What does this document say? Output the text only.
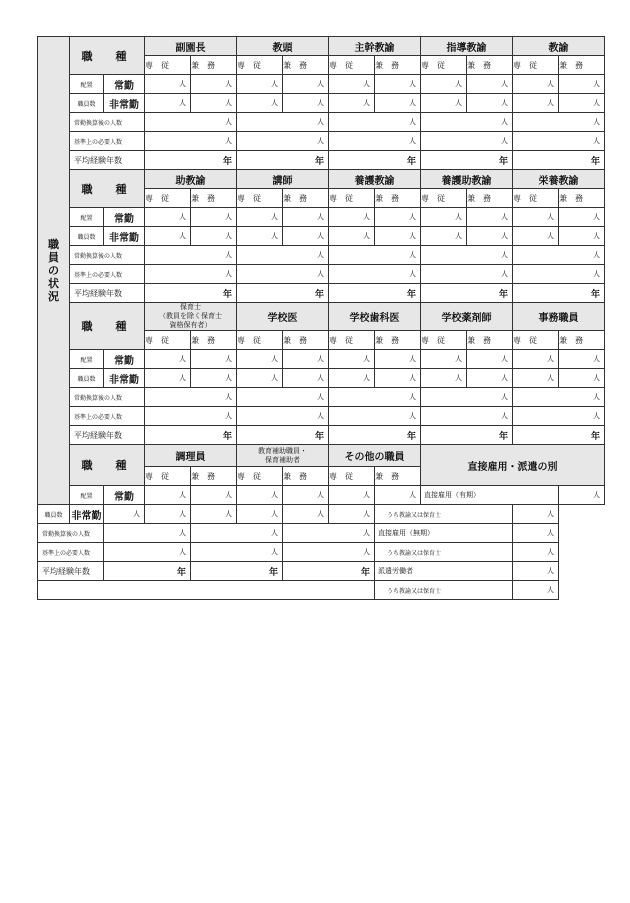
職
員
の
状
況	職　種		副園長		教頭		主幹教諭		指導教諭		教諭	
			専　従	兼　務	専　従	兼　務	専　従	兼　務	専　従	兼　務	専　従	兼　務
	配置	常勤	人	人	人	人	人	人	人	人	人	人
	職員数	非常勤	人	人	人	人	人	人	人	人	人	人
	常勤換算後の人数		人		人		人		人		人	
	基準上の必要人数		人		人		人		人		人	
	平均経験年数		年		年		年		年		年	
	職　種		助教諭		講師		養護教諭		養護助教諭		栄養教諭	
			専　従	兼　務	専　従	兼　務	専　従	兼　務	専　従	兼　務	専　従	兼　務
	配置	常勤	人	人	人	人	人	人	人	人	人	人
	職員数	非常勤	人	人	人	人	人	人	人	人	人	人
	常勤換算後の人数		人		人		人		人		人	
	基準上の必要人数		人		人		人		人		人	
	平均経験年数		年		年		年		年		年	
	職　種		保育士
（教員を除く保育士
資格保有者）		学校医		学校歯科医		学校薬剤師		事務職員	
			専　従	兼　務	専　従	兼　務	専　従	兼　務	専　従	兼　務	専　従	兼　務
	配置	常勤	人	人	人	人	人	人	人	人	人	人
	職員数	非常勤	人	人	人	人	人	人	人	人	人	人
	常勤換算後の人数		人		人		人		人		人	
	基準上の必要人数		人		人		人		人		人	
	平均経験年数		年		年		年		年		年	
	職　種		調理員		教育補助職員・
保育補助者		その他の職員		直接雇用・派遣の別			
			専　従	兼　務	専　従	兼　務	専　従	兼　務				
	配置	常勤	人	人	人	人	人	人	直接雇用（有期）			人
職員数	非常勤	人	人	人	人	人	人	うち教諭又は保育士			人	
常勤換算後の人数		人		人		人		直接雇用（無期）			人	
基準上の必要人数		人		人		人		うち教諭又は保育士			人	
平均経験年数		年		年		年		派遣労働者			人	
								うち教諭又は保育士			人	
